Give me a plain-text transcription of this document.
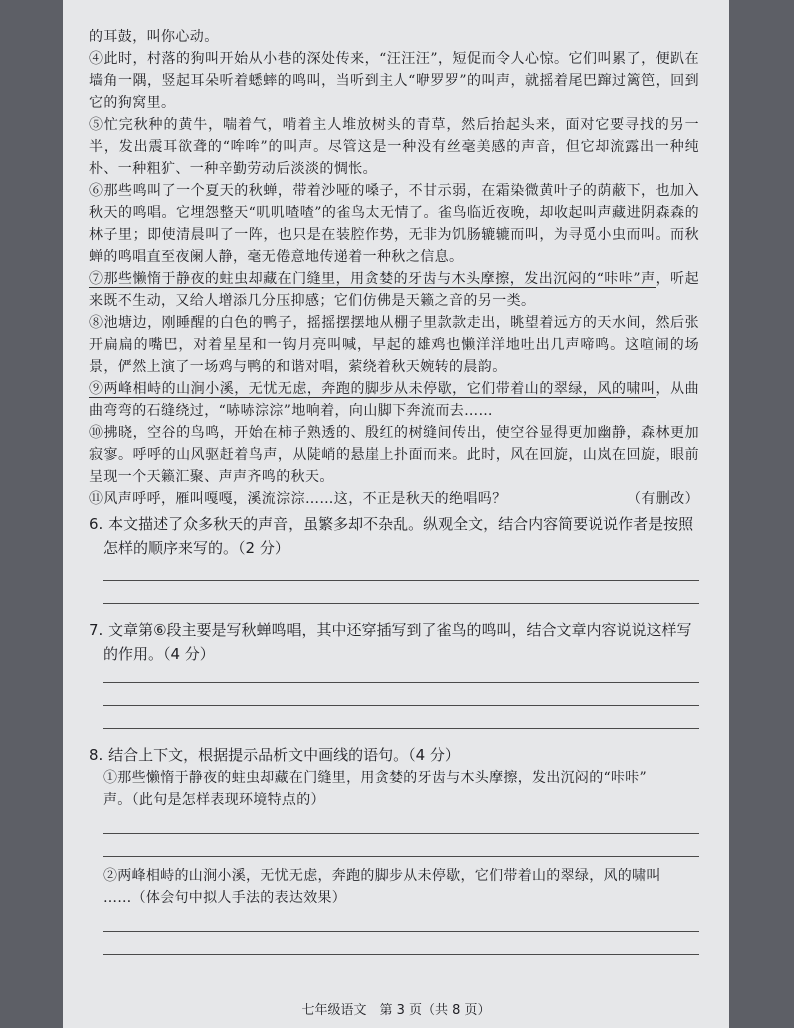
的耳鼓，叫你心动。

④此时，村落的狗叫开始从小巷的深处传来，“汪汪汪”，短促而令人心惊。它们叫累了，便趴在墙角一隅，竖起耳朵听着蟋蟀的鸣叫，当听到主人“咿罗罗”的叫声，就摇着尾巴蹿过篱笆，回到它的狗窝里。

⑤忙完秋种的黄牛，喘着气，啃着主人堆放树头的青草，然后抬起头来，面对它要寻找的另一半，发出震耳欲聋的“哞哞”的叫声。尽管这是一种没有丝毫美感的声音，但它却流露出一种纯朴、一种粗犷、一种辛勤劳动后淡淡的惆怅。

⑥那些鸣叫了一个夏天的秋蝉，带着沙哑的嗓子，不甘示弱，在霜染微黄叶子的荫蔽下，也加入秋天的鸣唱。它埋怨整天“叽叽喳喳”的雀鸟太无情了。雀鸟临近夜晚，却收起叫声藏进阴森森的林子里；即使清晨叫了一阵，也只是在装腔作势，无非为饥肠辘辘而叫，为寻觅小虫而叫。而秋蝉的鸣唱直至夜阑人静，毫无倦意地传递着一种秋之信息。

⑦那些懒惰于静夜的蛀虫却藏在门缝里，用贪婪的牙齿与木头摩擦，发出沉闷的“咔咔”声，听起来既不生动，又给人增添几分压抑感；它们仿佛是天籁之音的另一类。

⑧池塘边，刚睡醒的白色的鸭子，摇摇摆摆地从棚子里款款走出，眺望着远方的天水间，然后张开扁扁的嘴巴，对着星星和一钩月亮叫喊，早起的雄鸡也懒洋洋地吐出几声啼鸣。这喧闹的场景，俨然上演了一场鸡与鸭的和谐对唱，萦绕着秋天婉转的晨韵。

⑨两峰相峙的山涧小溪，无忧无虑，奔跑的脚步从未停歇，它们带着山的翠绿，风的啸叫，从曲曲弯弯的石缝绕过，“哧哧淙淙”地响着，向山脚下奔流而去……

⑩拂晓，空谷的鸟鸣，开始在柿子熟透的、殷红的树缝间传出，使空谷显得更加幽静，森林更加寂寥。呼呼的山风驱赶着鸟声，从陡峭的悬崖上扑面而来。此时，风在回旋，山岚在回旋，眼前呈现一个天籁汇聚、声声齐鸣的秋天。

⑪风声呼呼，雁叫嘎嘎，溪流淙淙……这，不正是秋天的绝唱吗？	（有删改）

6. 本文描述了众多秋天的声音，虽繁多却不杂乱。纵观全文，结合内容简要说说作者是按照

怎样的顺序来写的。（2 分）

7. 文章第⑥段主要是写秋蝉鸣唱，其中还穿插写到了雀鸟的鸣叫，结合文章内容说说这样写

的作用。（4 分）

8. 结合上下文，根据提示品析文中画线的语句。（4 分）

①那些懒惰于静夜的蛀虫却藏在门缝里，用贪婪的牙齿与木头摩擦，发出沉闷的“咔咔”

声。（此句是怎样表现环境特点的）

②两峰相峙的山涧小溪，无忧无虑，奔跑的脚步从未停歇，它们带着山的翠绿，风的啸叫

……（体会句中拟人手法的表达效果）

七年级语文　第 3 页（共 8 页）
